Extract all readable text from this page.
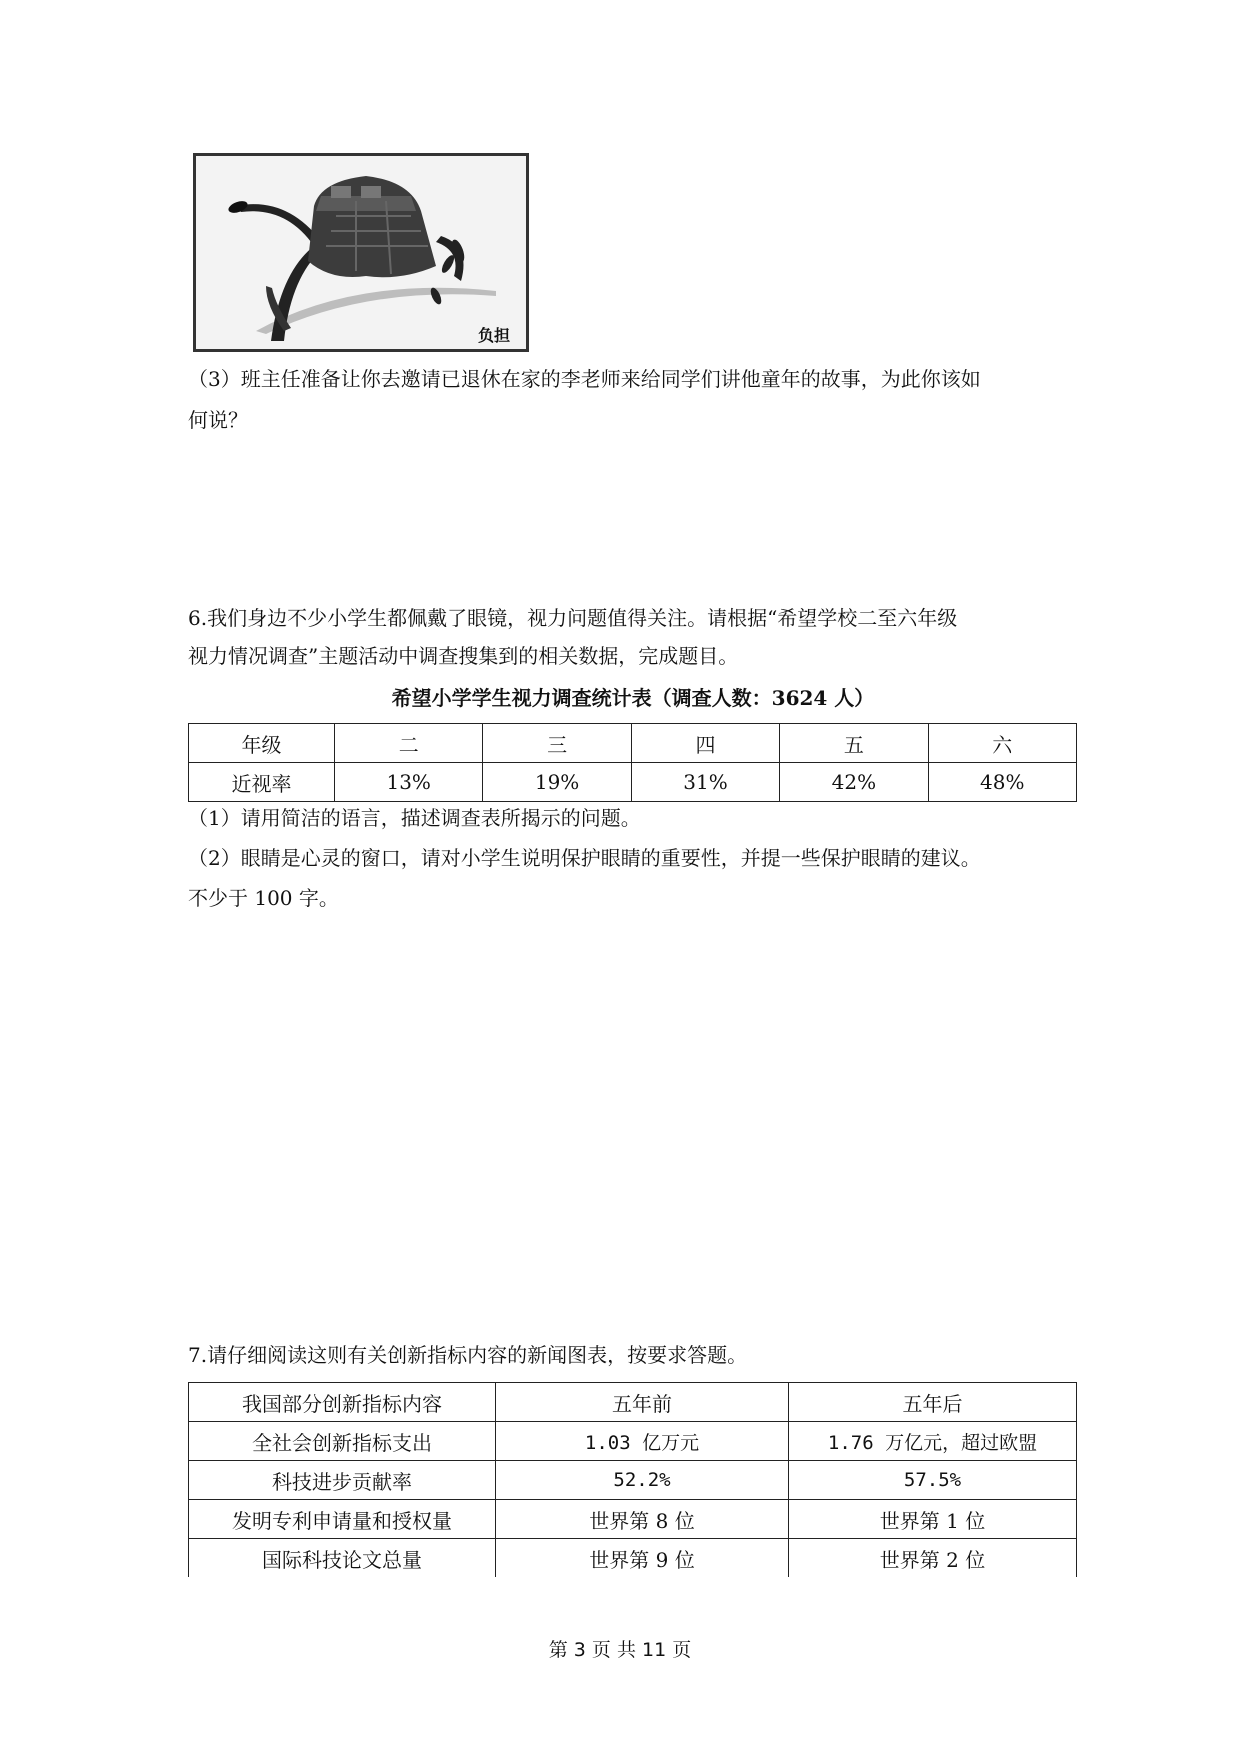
负担
（3）班主任准备让你去邀请已退休在家的李老师来给同学们讲他童年的故事，为此你该如
何说？
6.我们身边不少小学生都佩戴了眼镜，视力问题值得关注。请根据“希望学校二至六年级
视力情况调查”主题活动中调查搜集到的相关数据，完成题目。
希望小学学生视力调查统计表（调查人数：3624 人）
年级	二	三	四	五	六
近视率	13%	19%	31%	42%	48%
（1）请用简洁的语言，描述调查表所揭示的问题。
（2）眼睛是心灵的窗口，请对小学生说明保护眼睛的重要性，并提一些保护眼睛的建议。
不少于 100 字。
7.请仔细阅读这则有关创新指标内容的新闻图表，按要求答题。
我国部分创新指标内容	五年前	五年后
全社会创新指标支出	1.03 亿万元	1.76 万亿元，超过欧盟
科技进步贡献率	52.2%	57.5%
发明专利申请量和授权量	世界第 8 位	世界第 1 位
国际科技论文总量	世界第 9 位	世界第 2 位
第 3 页 共 11 页
